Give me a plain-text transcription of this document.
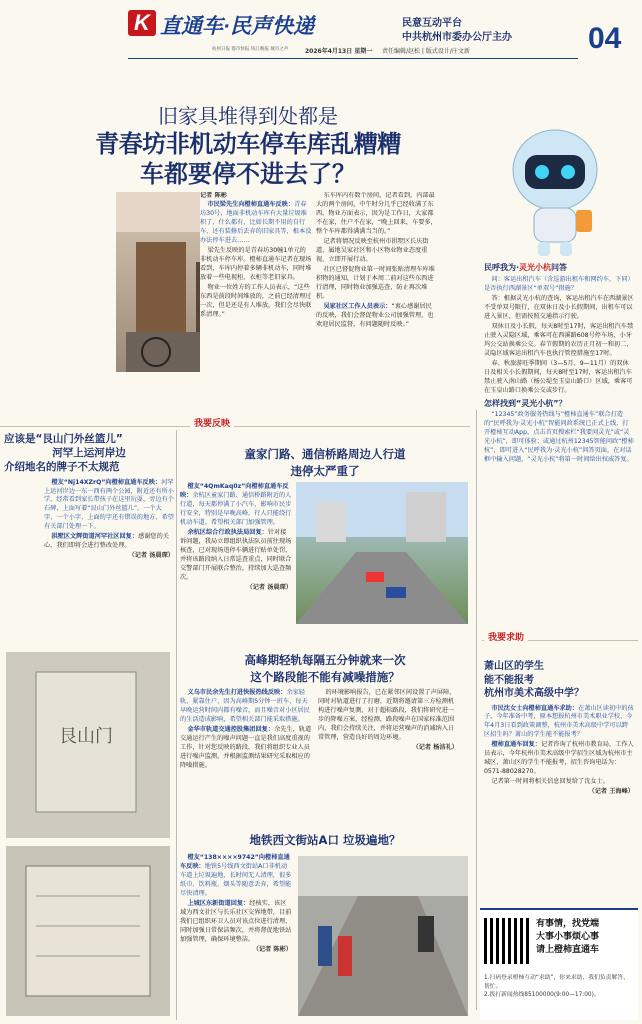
K 直通车·民声快递	民意互动平台
中共杭州市委办公厅主办
杭州日报 都市快报 钱江晚报 城市之声	2026年4月13日 星期一 责任编辑/赵松 | 版式设计/庄文新	04
旧家具堆得到处都是
青春坊非机动车停车库乱糟糟
车都要停不进去了？
记者 陈彬

市民梁先生向橙柿直通车反映：青春坊30号，地面非机动车库有大量垃圾堆积了，什么都有，比如长期不用的自行车，还有装修后丢弃的旧家具等，根本没办法停车进去……

梁先生反映的是青春坊30幢1单元的非机动车停车库。橙柿直通车记者在现场看到，车库内停着多辆非机动车，同时堆放着一些电视柜、衣柜等老旧家具。

物业一位姓方的工作人员表示，“这些东西是前段时间堆放的，之前已经清理过一次，但是还是有人堆放，我们会尽快联系清理。”

东车库内有数个房间，记者看到，内部最大的两个房间，中午时分几乎已经收满了东西。物业方面表示，因为是工作日，大家都不在家，住户不在家，“晚上回来，车要多，整个车库都得满满当当的。”

记者将情况反映至杭州市拱墅区长庆街道，属地吴家社区和小区物业物业态度重视，立即开展行动。

社区已督促物业第一时间张贴清理车库堆积物的通知，计划于本周二前对这些东西进行清理，同时物业加强巡查，防止再次堆积。

吴家社区工作人员表示：“衷心感谢居民的反映，我们会督促物业公司加强管理，也欢迎居民监督，有问题随时反映。”

民呼我为·灵光小杭问答

问：客运出租汽车（含巡游出租车和网约车，下同）是否执行西湖景区“单双号”措施？

答：根据灵光小杭的查询，客运出租汽车在西湖景区不受单双号限行，在双休日及小长假期间，出租车可以进入景区，但需按照交通指示行驶。

双休日及小长假，每天8时至17时，客运出租汽车禁止驶入灵隐区域，乘客可在西溪路608号停车场、小牙坞公交站换乘公交。春节假期的农历正月初一和初二，灵隐区域客运出租汽车也执行管控措施至17时。

春、秋旅游旺季期间（3—5月、9—11月）的双休日及相关小长假期间，每天8时至17时，客运出租汽车禁止驶入南山路（杨公堤至玉皇山路口）区域，乘客可在玉皇山路口换乘公交或步行。

怎样找到“灵光小杭”？

“12345”政务服务热线与“橙柿直通车”联合打造的“民呼我为·灵光小杭”智能问政系统已正式上线，打开橙柿互动App，点击首页搜索栏“我要问灵光”或“灵光小杭”，即可体验；或通过杭州12345智能问政“橙柿杭”，即可进入“民呼我为·灵光小杭”问答页面，在对话框中输入问题，“灵光小杭”将第一时间给出权威答复。

我要反映
应该是“艮山门外丝篮儿”
河罕上运河岸边
介绍地名的牌子不太规范

橙友“Nj14XZrQ”向橙柿直通车反映：河罕上运河岸边一东一西有两个公园，附近还有所小学，经常看到家长带孩子在这里玩耍，旁边有个石碑，上面写着“艮山门外丝篮儿”，一个大字，一个小字，上面的字还有错误的地方，希望有关部门处理一下。

拱墅区文辉街道河罕社区回复：感谢您的关心，我们即将会进行整改处理。

（记者 汤晨琛）
童家门路、通信桥路周边人行道
违停太严重了

橙友“4QmKaq0z”向橙柿直通车反映：余杭区童家门路、通信桥路附近的人行道，每天都停满了小汽车，影响市民步行安全，特别是早晚高峰，行人只能绕行机动车道。希望相关部门加强管理。

余杭区综合行政执法局回复：针对接诉问题，我局立即组织执法队员前往现场核查，已对现场违停车辆进行贴单处罚，并将该路段纳入日常巡查重点，同时联合交警部门开展联合整治，持续加大巡查频次。

（记者 汤晨琛）
艮山门
高峰期轻轨每隔五分钟就来一次
这个路段能不能有减噪措施？

义乌市民余先生打进快报热线反映：余家轻轨，紧靠住户，因为高峰期5分钟一班车，每天早晚运营时间内都有噪音，而且噪音对小区居民的生活造成影响，希望相关部门能采取措施。

金华市轨道交通控股集团回复：余先生，轨道交通运行产生的噪声问题一直是我们高度重视的工作，针对您反映的路段，我们将组织专业人员进行噪声监测，并根据监测结果研究采取相应的降噪措施。

的环境影响报告，已在紧邻区间设置了声屏障，同时对轨道进行了打磨，近期将邀请第三方检测机构进行噪声复测，对于超标路段，我们将研究进一步的降噪方案，经检测，路段噪声在国家标准范围内，我们会持续关注，并将运营噪声的消减纳入日常管理，营造良好的周边环境。

（记者 杨洁礼）
地铁西文街站A口 垃圾遍地？

橙友“138××××9742”向橙柿直通车反映：地铁5号线西文街站A口非机动车道上垃圾遍地，长时间无人清理，很多纸巾、饮料瓶、烟头等随意丢弃，希望能尽快清理。

上城区东新街道回复：经核实，该区域为西文社区与长乐社区交界地带，目前我们已组织环卫人员对该点位进行清理，同时加强日常保洁频次，并将督促地铁站加强管理，确保环境整洁。

（记者 陈彬）
我要求助
萧山区的学生
能不能报考
杭州市美术高级中学？

市民沈女士向橙柿直通车求助：在萧山区读初中的孩子，今年准备中考，原本想报杭州市美术职业学校，今年4月3日看到政策调整，杭州市美术高级中学可以跨区招生吗？萧山的学生能不能报考？

橙柿直通车回复：记者咨询了杭州市教育局，工作人员表示，今年杭州市美术高级中学招生区域为杭州市主城区，萧山区的学生不能报考，招生咨询电话为：0571-88028270。

记者第一时间将相关信息回复给了沈女士。

（记者 王海峰）
有事情，找党端
大事小事烦心事
请上橙柿直通车
1.扫码登录橙柿互动“求助”，你来求助，我们负责解答、帮忙。
2.拨打新闻热线85100000(9:00—17:00)。
